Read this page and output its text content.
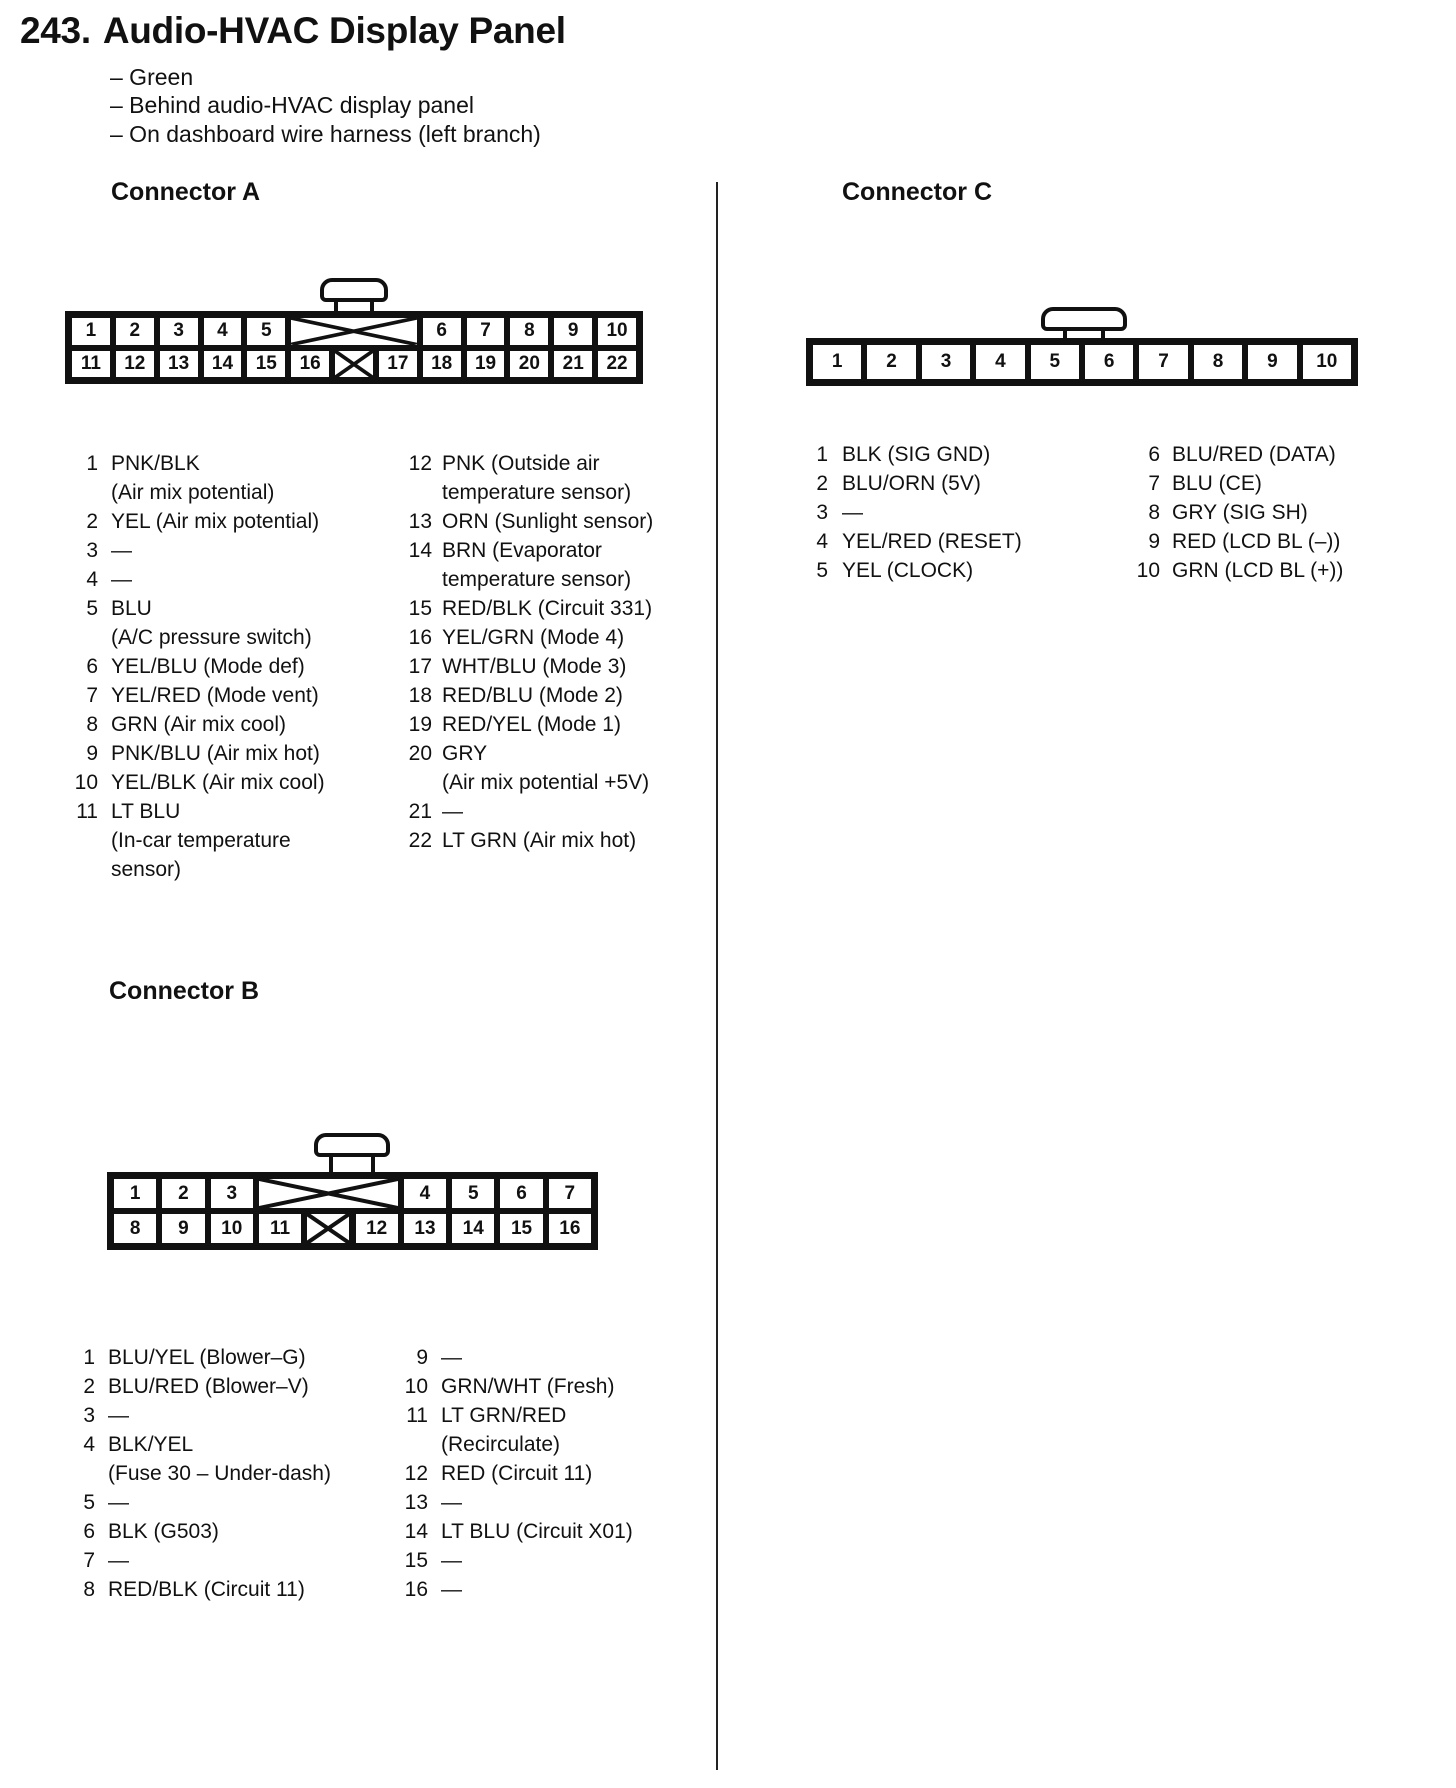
243. Audio-HVAC Display Panel
– Green
– Behind audio-HVAC display panel
– On dashboard wire harness (left branch)
Connector A	Connector C
Connector B
1	2	3	4	5	6	7	8	9	10
11	12	13	14	15	16	17	18	19	20	21	22
1	2	3	4	5	6	7
8	9	10	11	12	13	14	15	16
1	2	3	4	5	6	7	8	9	10
1 PNK/BLK
(Air mix potential)
2 YEL (Air mix potential)
3 —
4 —
5 BLU
(A/C pressure switch)
6 YEL/BLU (Mode def)
7 YEL/RED (Mode vent)
8 GRN (Air mix cool)
9 PNK/BLU (Air mix hot)
10 YEL/BLK (Air mix cool)
11 LT BLU
(In-car temperature
sensor)
12 PNK (Outside air
temperature sensor)
13 ORN (Sunlight sensor)
14 BRN (Evaporator
temperature sensor)
15 RED/BLK (Circuit 331)
16 YEL/GRN (Mode 4)
17 WHT/BLU (Mode 3)
18 RED/BLU (Mode 2)
19 RED/YEL (Mode 1)
20 GRY
(Air mix potential +5V)
21 —
22 LT GRN (Air mix hot)
1 BLU/YEL (Blower–G)
2 BLU/RED (Blower–V)
3 —
4 BLK/YEL
(Fuse 30 – Under-dash)
5 —
6 BLK (G503)
7 —
8 RED/BLK (Circuit 11)
9 —
10 GRN/WHT (Fresh)
11 LT GRN/RED
(Recirculate)
12 RED (Circuit 11)
13 —
14 LT BLU (Circuit X01)
15 —
16 —
1 BLK (SIG GND)
2 BLU/ORN (5V)
3 —
4 YEL/RED (RESET)
5 YEL (CLOCK)
6 BLU/RED (DATA)
7 BLU (CE)
8 GRY (SIG SH)
9 RED (LCD BL (–))
10 GRN (LCD BL (+))
